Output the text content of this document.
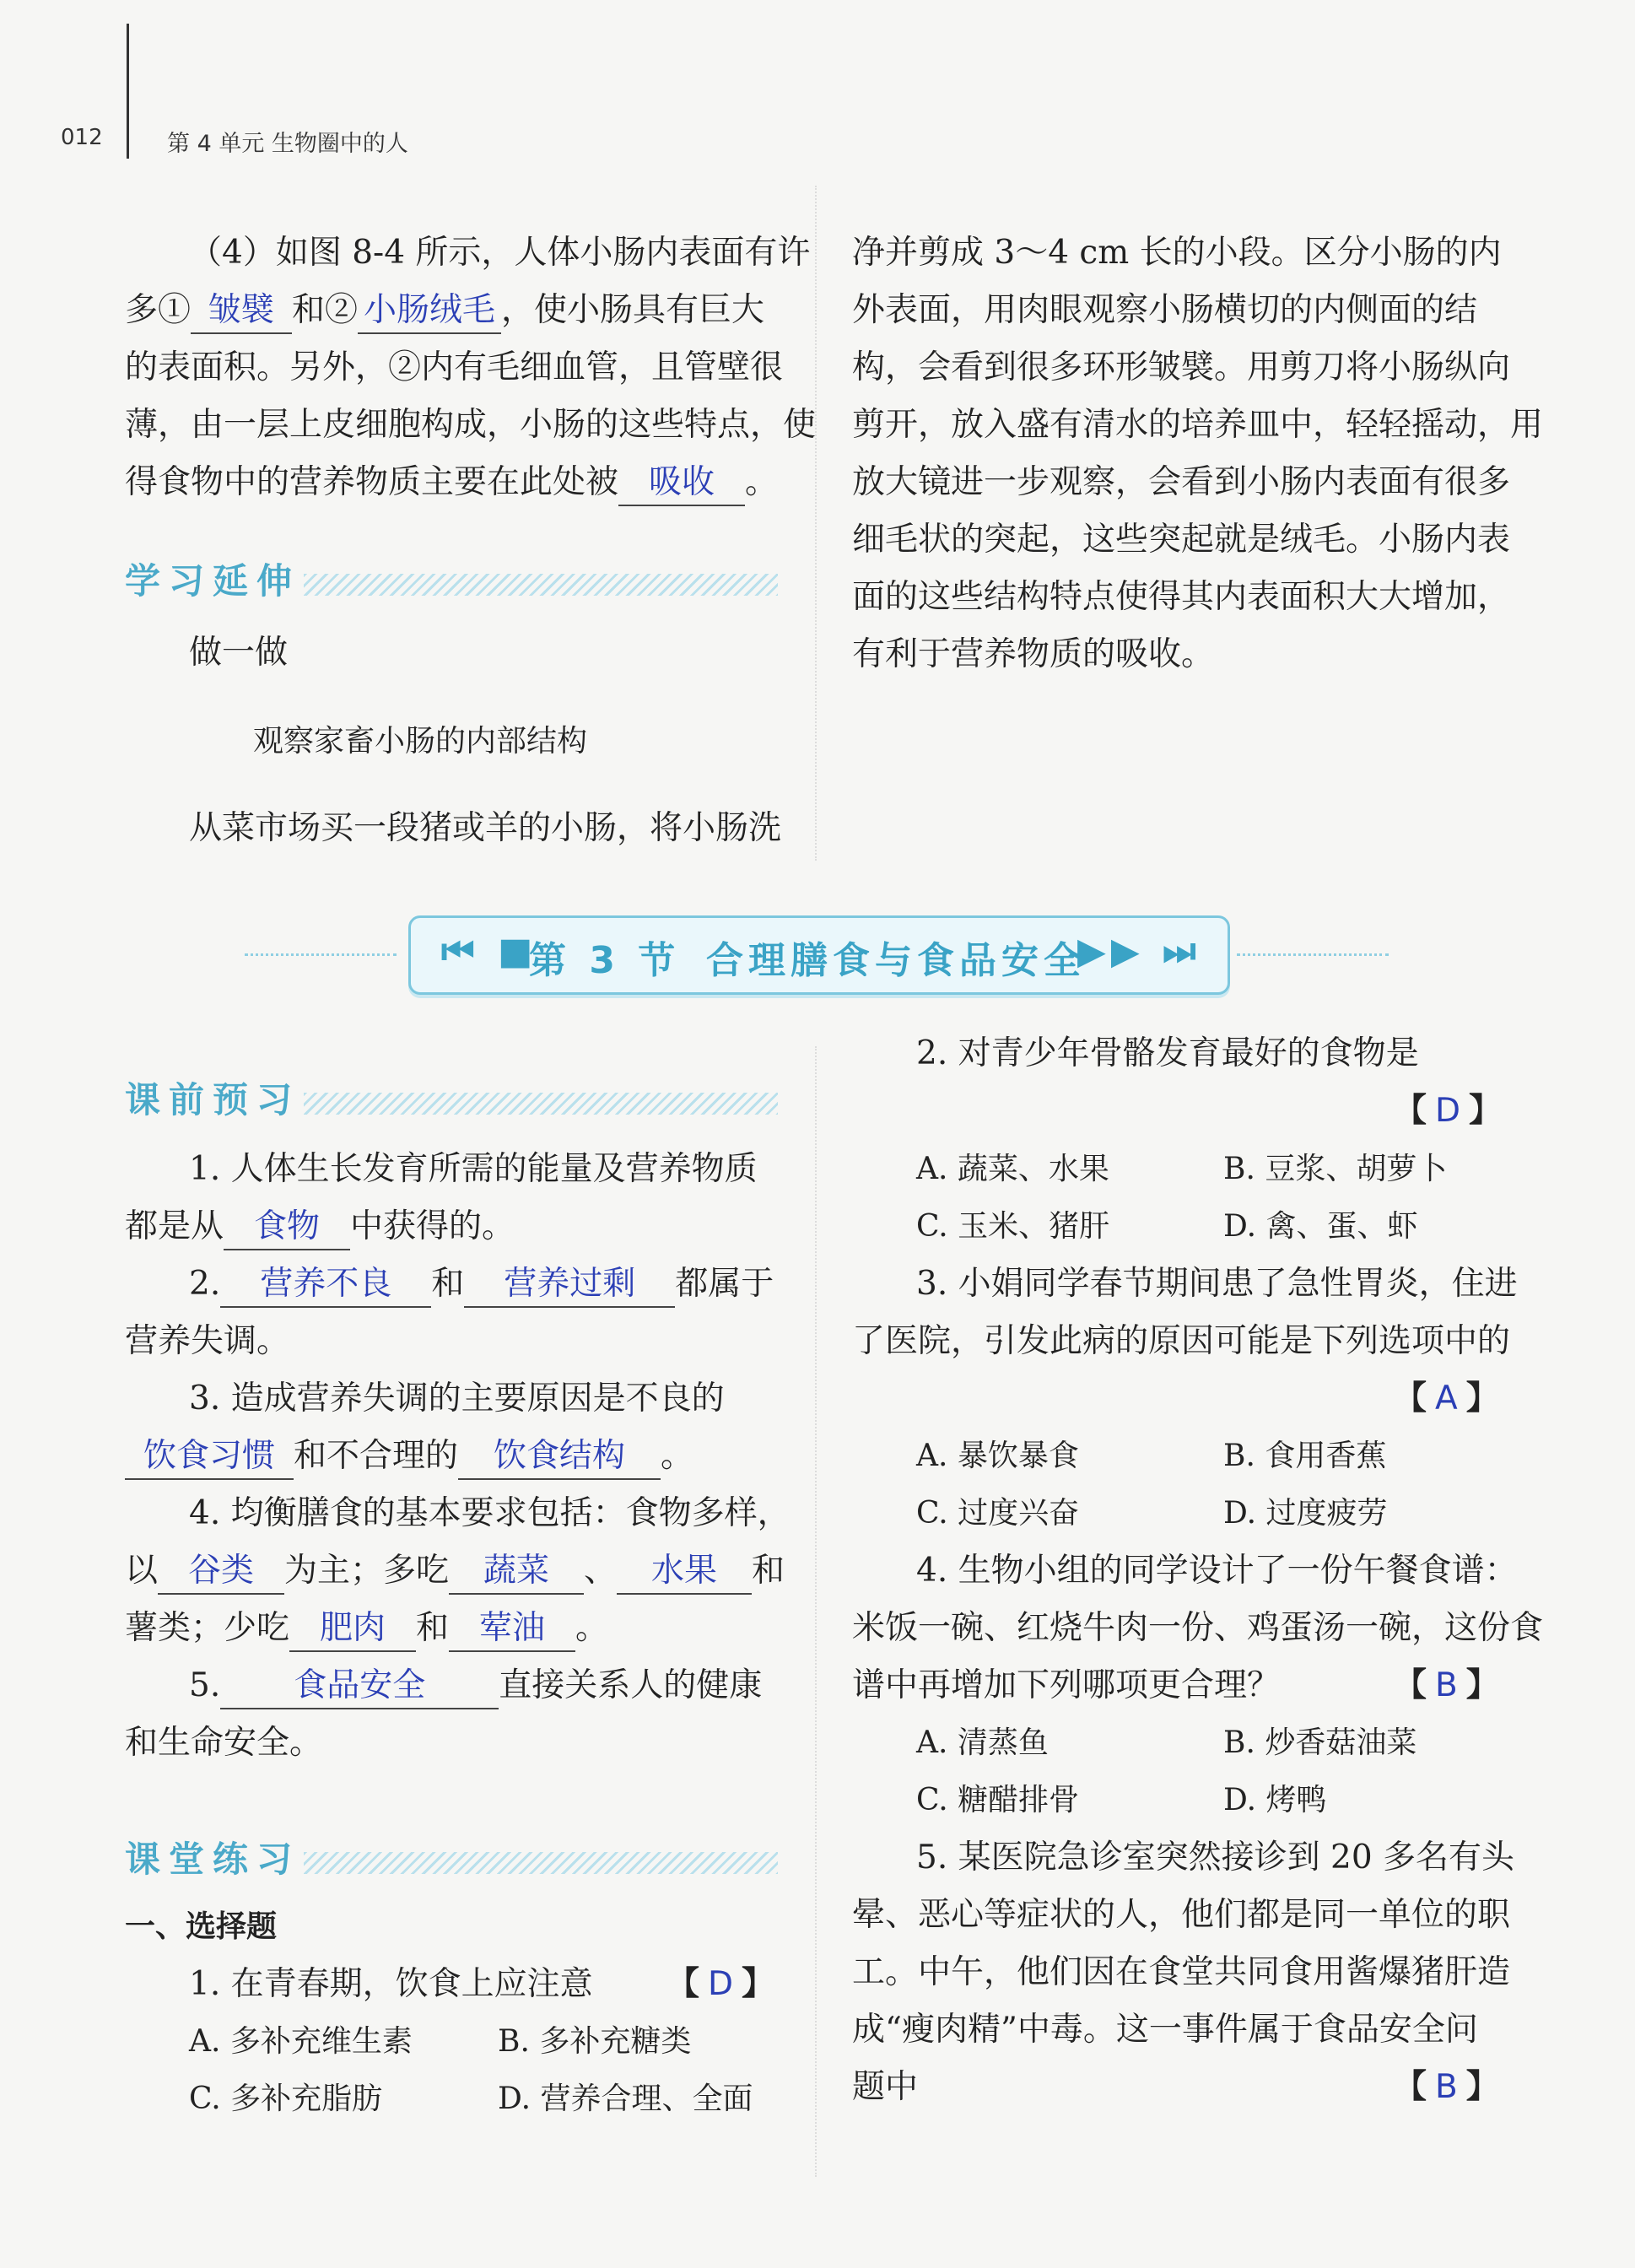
012	第 4 单元 生物圈中的人
（4）如图 8-4 所示，人体小肠内表面有许
多① 皱襞 和② 小肠绒毛 ，使小肠具有巨大
的表面积。另外，②内有毛细血管，且管壁很
薄，由一层上皮细胞构成，小肠的这些特点，使
得食物中的营养物质主要在此处被 吸收 。
学习延伸
做一做
观察家畜小肠的内部结构
从菜市场买一段猪或羊的小肠，将小肠洗
净并剪成 3～4 cm 长的小段。区分小肠的内
外表面，用肉眼观察小肠横切的内侧面的结
构，会看到很多环形皱襞。用剪刀将小肠纵向
剪开，放入盛有清水的培养皿中，轻轻摇动，用
放大镜进一步观察，会看到小肠内表面有很多
细毛状的突起，这些突起就是绒毛。小肠内表
面的这些结构特点使得其内表面积大大增加，
有利于营养物质的吸收。
⏮ ■
第 3 节 合理膳食与食品安全
▶▶ ⏭
课前预习
1. 人体生长发育所需的能量及营养物质
都是从 食物 中获得的。
2. 营养不良 和 营养过剩 都属于
营养失调。
3. 造成营养失调的主要原因是不良的
饮食习惯 和不合理的 饮食结构 。
4. 均衡膳食的基本要求包括：食物多样，
以 谷类 为主；多吃 蔬菜 、 水果 和
薯类；少吃 肥肉 和 荤油 。
5. 食品安全 直接关系人的健康
和生命安全。
课堂练习
一、选择题
1. 在青春期，饮食上应注意 【 D 】
A. 多补充维生素	B. 多补充糖类
C. 多补充脂肪	D. 营养合理、全面
2. 对青少年骨骼发育最好的食物是
【 D 】
A. 蔬菜、水果	B. 豆浆、胡萝卜
C. 玉米、猪肝	D. 禽、蛋、虾
3. 小娟同学春节期间患了急性胃炎，住进
了医院，引发此病的原因可能是下列选项中的
【 A 】
A. 暴饮暴食	B. 食用香蕉
C. 过度兴奋	D. 过度疲劳
4. 生物小组的同学设计了一份午餐食谱：
米饭一碗、红烧牛肉一份、鸡蛋汤一碗，这份食
谱中再增加下列哪项更合理？	【 B 】
A. 清蒸鱼	B. 炒香菇油菜
C. 糖醋排骨	D. 烤鸭
5. 某医院急诊室突然接诊到 20 多名有头
晕、恶心等症状的人，他们都是同一单位的职
工。中午，他们因在食堂共同食用酱爆猪肝造
成“瘦肉精”中毒。这一事件属于食品安全问
题中	【 B 】
